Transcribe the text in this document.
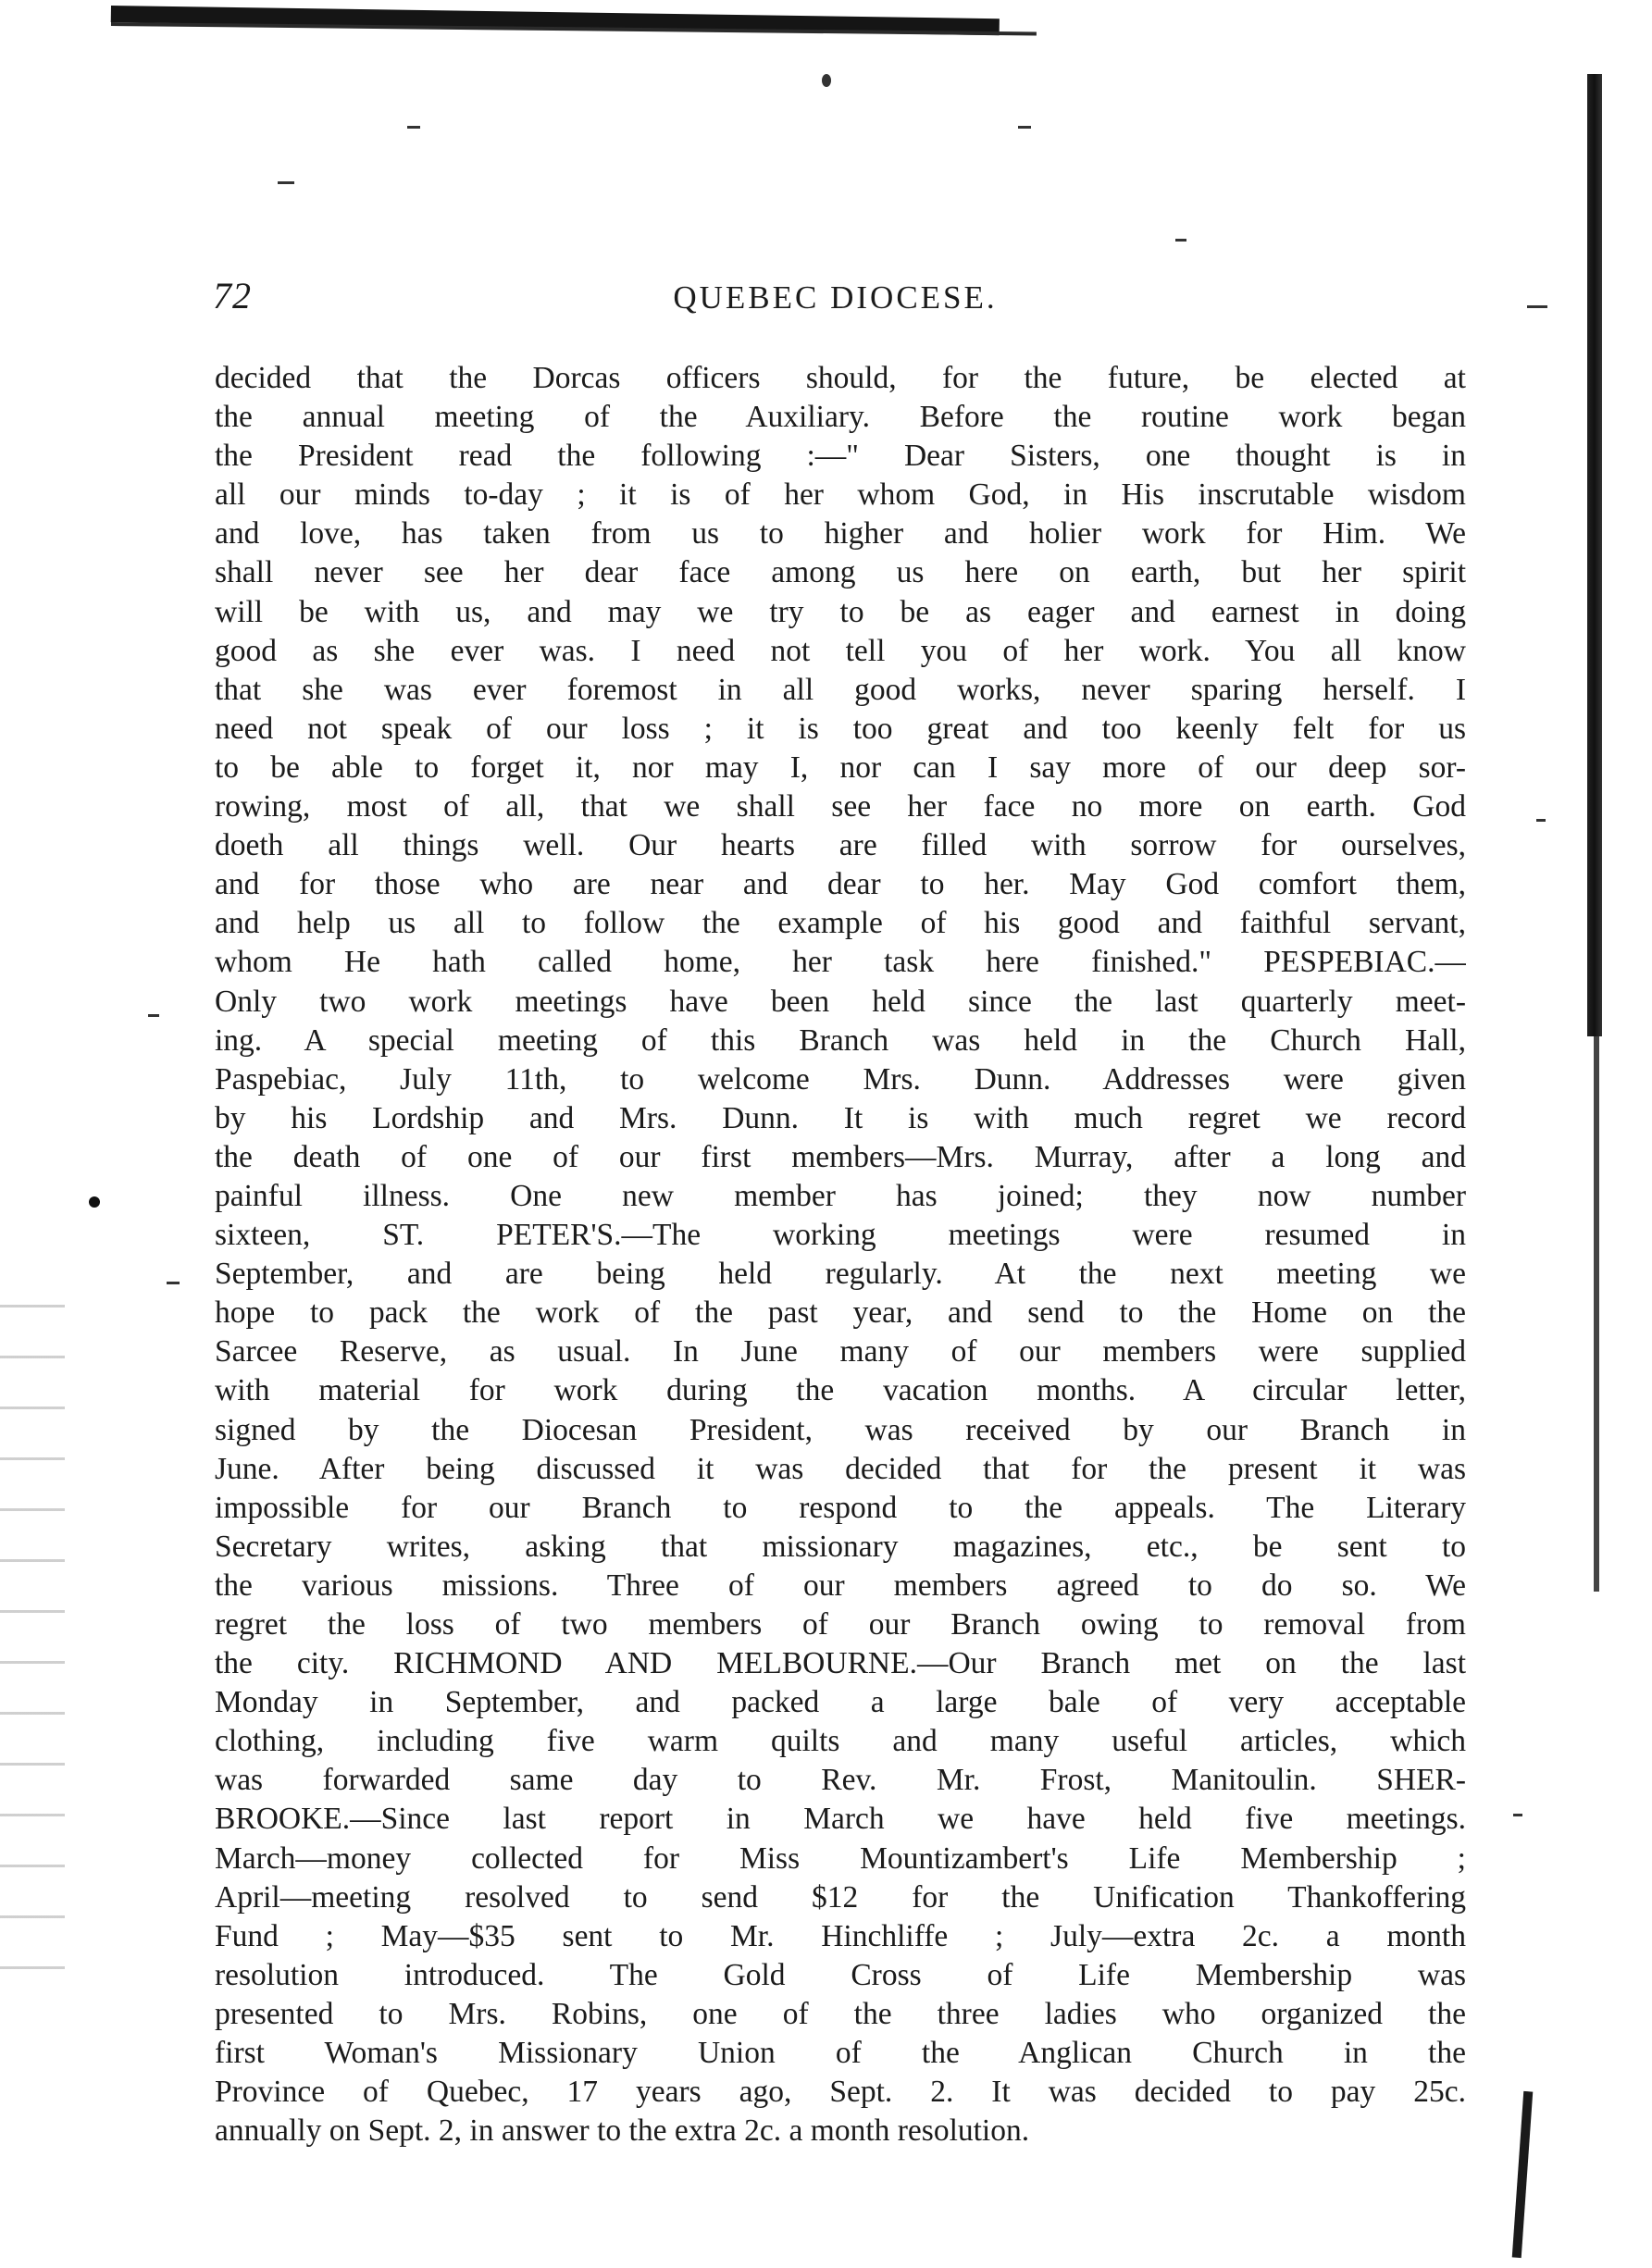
72	QUEBEC DIOCESE.
decided that the Dorcas officers should, for the future, be elected at
the annual meeting of the Auxiliary. Before the routine work began
the President read the following :—" Dear Sisters, one thought is in
all our minds to-day ; it is of her whom God, in His inscrutable wisdom
and love, has taken from us to higher and holier work for Him. We
shall never see her dear face among us here on earth, but her spirit
will be with us, and may we try to be as eager and earnest in doing
good as she ever was. I need not tell you of her work. You all know
that she was ever foremost in all good works, never sparing herself. I
need not speak of our loss ; it is too great and too keenly felt for us
to be able to forget it, nor may I, nor can I say more of our deep sor-
rowing, most of all, that we shall see her face no more on earth. God
doeth all things well. Our hearts are filled with sorrow for ourselves,
and for those who are near and dear to her. May God comfort them,
and help us all to follow the example of his good and faithful servant,
whom He hath called home, her task here finished." PESPEBIAC.—
Only two work meetings have been held since the last quarterly meet-
ing. A special meeting of this Branch was held in the Church Hall,
Paspebiac, July 11th, to welcome Mrs. Dunn. Addresses were given
by his Lordship and Mrs. Dunn. It is with much regret we record
the death of one of our first members—Mrs. Murray, after a long and
painful illness. One new member has joined; they now number
sixteen, ST. PETER'S.—The working meetings were resumed in
September, and are being held regularly. At the next meeting we
hope to pack the work of the past year, and send to the Home on the
Sarcee Reserve, as usual. In June many of our members were supplied
with material for work during the vacation months. A circular letter,
signed by the Diocesan President, was received by our Branch in
June. After being discussed it was decided that for the present it was
impossible for our Branch to respond to the appeals. The Literary
Secretary writes, asking that missionary magazines, etc., be sent to
the various missions. Three of our members agreed to do so. We
regret the loss of two members of our Branch owing to removal from
the city. RICHMOND AND MELBOURNE.—Our Branch met on the last
Monday in September, and packed a large bale of very acceptable
clothing, including five warm quilts and many useful articles, which
was forwarded same day to Rev. Mr. Frost, Manitoulin. SHER-
BROOKE.—Since last report in March we have held five meetings.
March—money collected for Miss Mountizambert's Life Membership ;
April—meeting resolved to send $12 for the Unification Thankoffering
Fund ; May—$35 sent to Mr. Hinchliffe ; July—extra 2c. a month
resolution introduced. The Gold Cross of Life Membership was
presented to Mrs. Robins, one of the three ladies who organized the
first Woman's Missionary Union of the Anglican Church in the
Province of Quebec, 17 years ago, Sept. 2. It was decided to pay 25c.
annually on Sept. 2, in answer to the extra 2c. a month resolution.
